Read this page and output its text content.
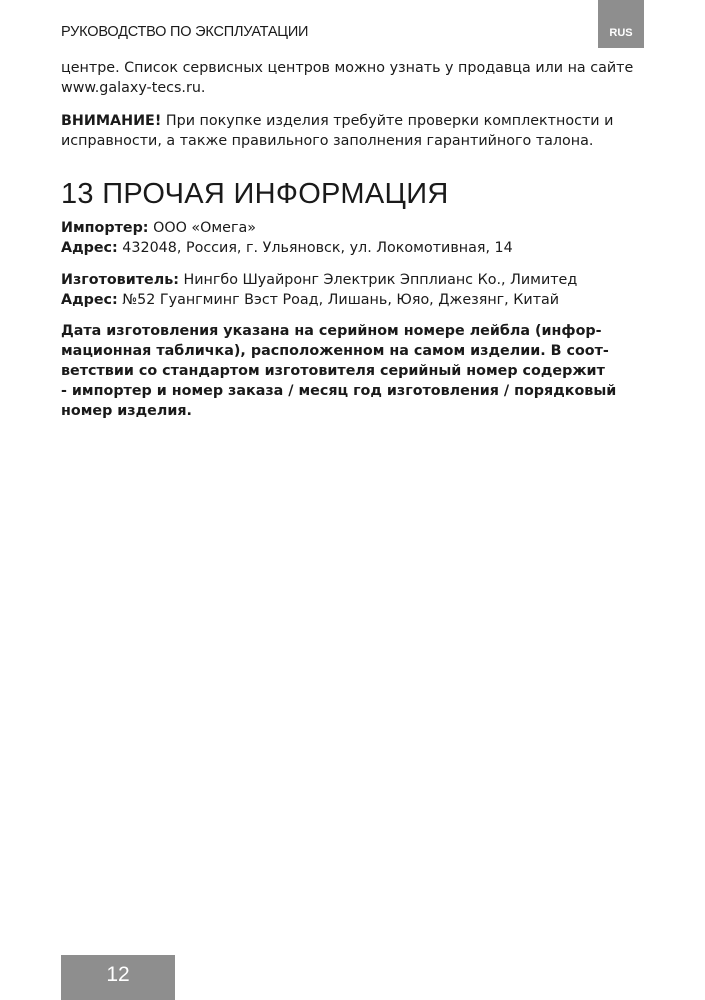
РУКОВОДСТВО ПО ЭКСПЛУАТАЦИИ	RUS
центре. Список сервисных центров можно узнать у продавца или на сайте
www.galaxy-tecs.ru.
ВНИМАНИЕ! При покупке изделия требуйте проверки комплектности и
исправности, а также правильного заполнения гарантийного талона.
13 ПРОЧАЯ ИНФОРМАЦИЯ
Импортер: ООО «Омега»
Адрес: 432048, Россия, г. Ульяновск, ул. Локомотивная, 14
Изготовитель: Нингбо Шуайронг Электрик Эпплианс Ко., Лимитед
Адрес: №52 Гуангминг Вэст Роад, Лишань, Юяо, Джезянг, Китай
Дата изготовления указана на серийном номере лейбла (инфор-
мационная табличка), расположенном на самом изделии. В соот-
ветствии со стандартом изготовителя серийный номер содержит
- импортер и номер заказа / месяц год изготовления / порядковый
номер изделия.
12
